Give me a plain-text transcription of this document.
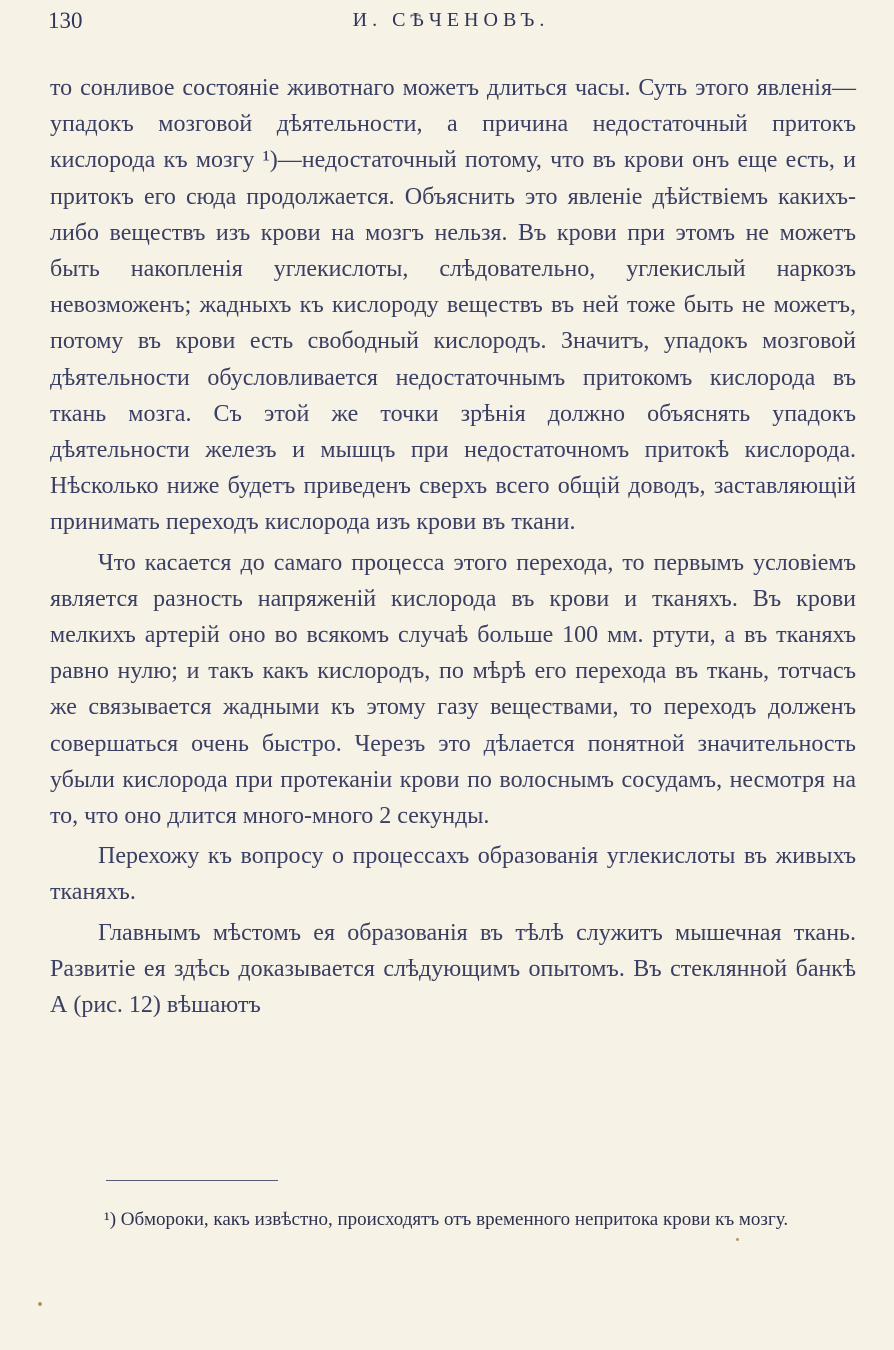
130	И. СѢЧЕНОВЪ.

то сонливое состояніе животнаго можетъ длиться часы. Суть этого явленія—упадокъ мозговой дѣятельности, а причина недостаточный притокъ кислорода къ мозгу ¹)—недостаточный потому, что въ крови онъ еще есть, и притокъ его сюда продолжается. Объяснить это явленіе дѣйствіемъ какихъ-либо веществъ изъ крови на мозгъ нельзя. Въ крови при этомъ не можетъ быть накопленія углекислоты, слѣдовательно, углекислый наркозъ невозможенъ; жадныхъ къ кислороду веществъ въ ней тоже быть не можетъ, потому въ крови есть свободный кислородъ. Значитъ, упадокъ мозговой дѣятельности обусловливается недостаточнымъ притокомъ кислорода въ ткань мозга. Съ этой же точки зрѣнія должно объяснять упадокъ дѣятельности железъ и мышцъ при недостаточномъ притокѣ кислорода. Нѣсколько ниже будетъ приведенъ сверхъ всего общій доводъ, заставляющій принимать переходъ кислорода изъ крови въ ткани.

Что касается до самаго процесса этого перехода, то первымъ условіемъ является разность напряженій кислорода въ крови и тканяхъ. Въ крови мелкихъ артерій оно во всякомъ случаѣ больше 100 мм. ртути, а въ тканяхъ равно нулю; и такъ какъ кислородъ, по мѣрѣ его перехода въ ткань, тотчасъ же связывается жадными къ этому газу веществами, то переходъ долженъ совершаться очень быстро. Черезъ это дѣлается понятной значительность убыли кислорода при протеканіи крови по волоснымъ сосудамъ, несмотря на то, что оно длится много-много 2 секунды.

Перехожу къ вопросу о процессахъ образованія углекислоты въ живыхъ тканяхъ.

Главнымъ мѣстомъ ея образованія въ тѣлѣ служитъ мышечная ткань. Развитіе ея здѣсь доказывается слѣдующимъ опытомъ. Въ стеклянной банкѣ А (рис. 12) вѣшаютъ

¹) Обмороки, какъ извѣстно, происходятъ отъ временного непритока крови къ мозгу.
